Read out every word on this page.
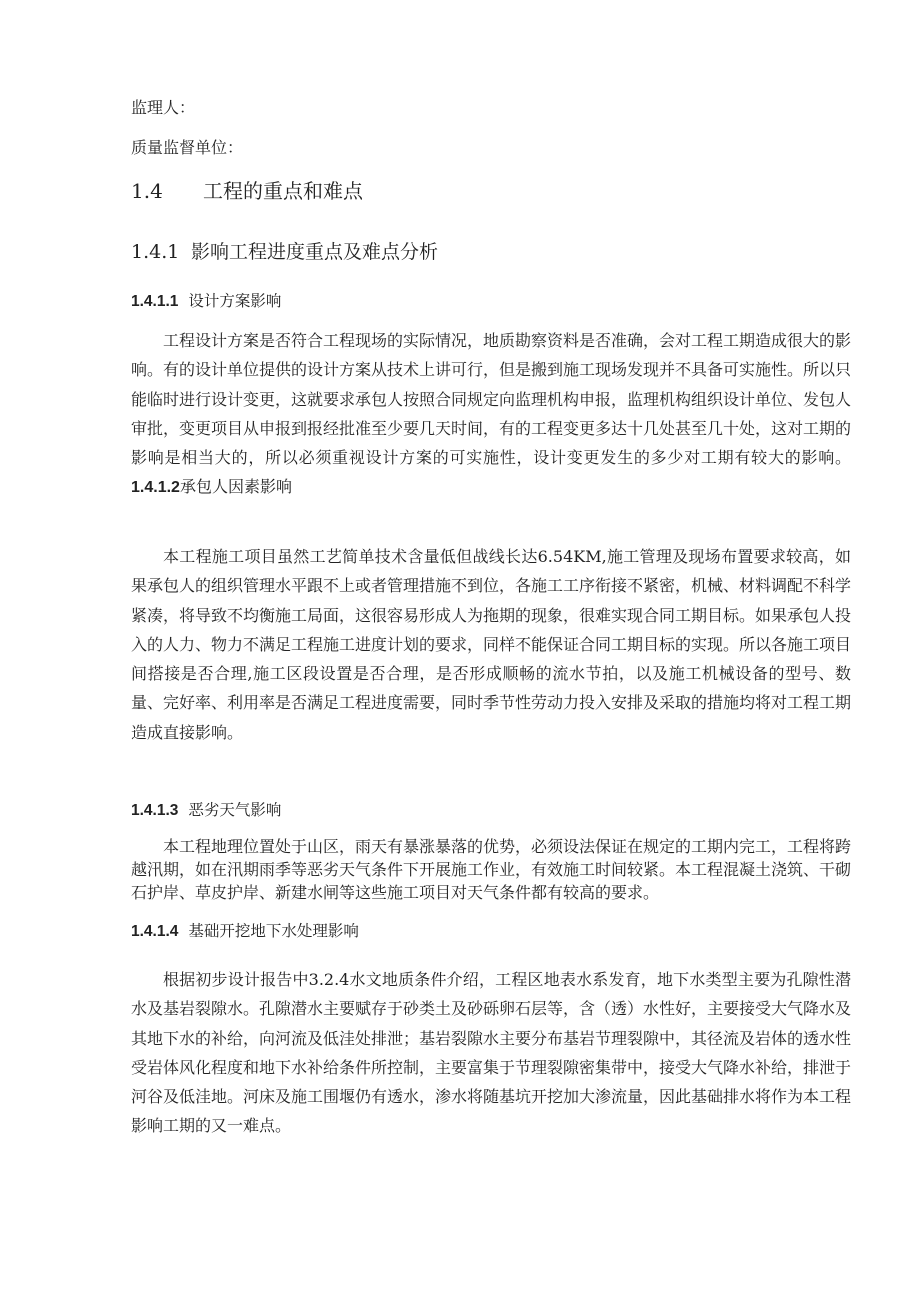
监理人：
质量监督单位：
1.4 工程的重点和难点
1.4.1 影响工程进度重点及难点分析
1.4.1.1 设计方案影响

工程设计方案是否符合工程现场的实际情况，地质勘察资料是否准确，会对工程工期造成很大的影响。有的设计单位提供的设计方案从技术上讲可行，但是搬到施工现场发现并不具备可实施性。所以只能临时进行设计变更，这就要求承包人按照合同规定向监理机构申报，监理机构组织设计单位、发包人审批，变更项目从申报到报经批准至少要几天时间，有的工程变更多达十几处甚至几十处，这对工期的影响是相当大的，所以必须重视设计方案的可实施性，设计变更发生的多少对工期有较大的影响。1.4.1.2承包人因素影响

本工程施工项目虽然工艺简单技术含量低但战线长达6.54KM,施工管理及现场布置要求较高，如果承包人的组织管理水平跟不上或者管理措施不到位，各施工工序衔接不紧密，机械、材料调配不科学紧凑，将导致不均衡施工局面，这很容易形成人为拖期的现象，很难实现合同工期目标。如果承包人投入的人力、物力不满足工程施工进度计划的要求，同样不能保证合同工期目标的实现。所以各施工项目间搭接是否合理,施工区段设置是否合理，是否形成顺畅的流水节拍，以及施工机械设备的型号、数量、完好率、利用率是否满足工程进度需要，同时季节性劳动力投入安排及采取的措施均将对工程工期造成直接影响。

1.4.1.3 恶劣天气影响

本工程地理位置处于山区，雨天有暴涨暴落的优势，必须设法保证在规定的工期内完工，工程将跨越汛期，如在汛期雨季等恶劣天气条件下开展施工作业，有效施工时间较紧。本工程混凝土浇筑、干砌石护岸、草皮护岸、新建水闸等这些施工项目对天气条件都有较高的要求。

1.4.1.4 基础开挖地下水处理影响

根据初步设计报告中3.2.4水文地质条件介绍，工程区地表水系发育，地下水类型主要为孔隙性潜水及基岩裂隙水。孔隙潜水主要赋存于砂类土及砂砾卵石层等，含（透）水性好，主要接受大气降水及其地下水的补给，向河流及低洼处排泄；基岩裂隙水主要分布基岩节理裂隙中，其径流及岩体的透水性受岩体风化程度和地下水补给条件所控制，主要富集于节理裂隙密集带中，接受大气降水补给，排泄于河谷及低洼地。河床及施工围堰仍有透水，渗水将随基坑开挖加大渗流量，因此基础排水将作为本工程影响工期的又一难点。
